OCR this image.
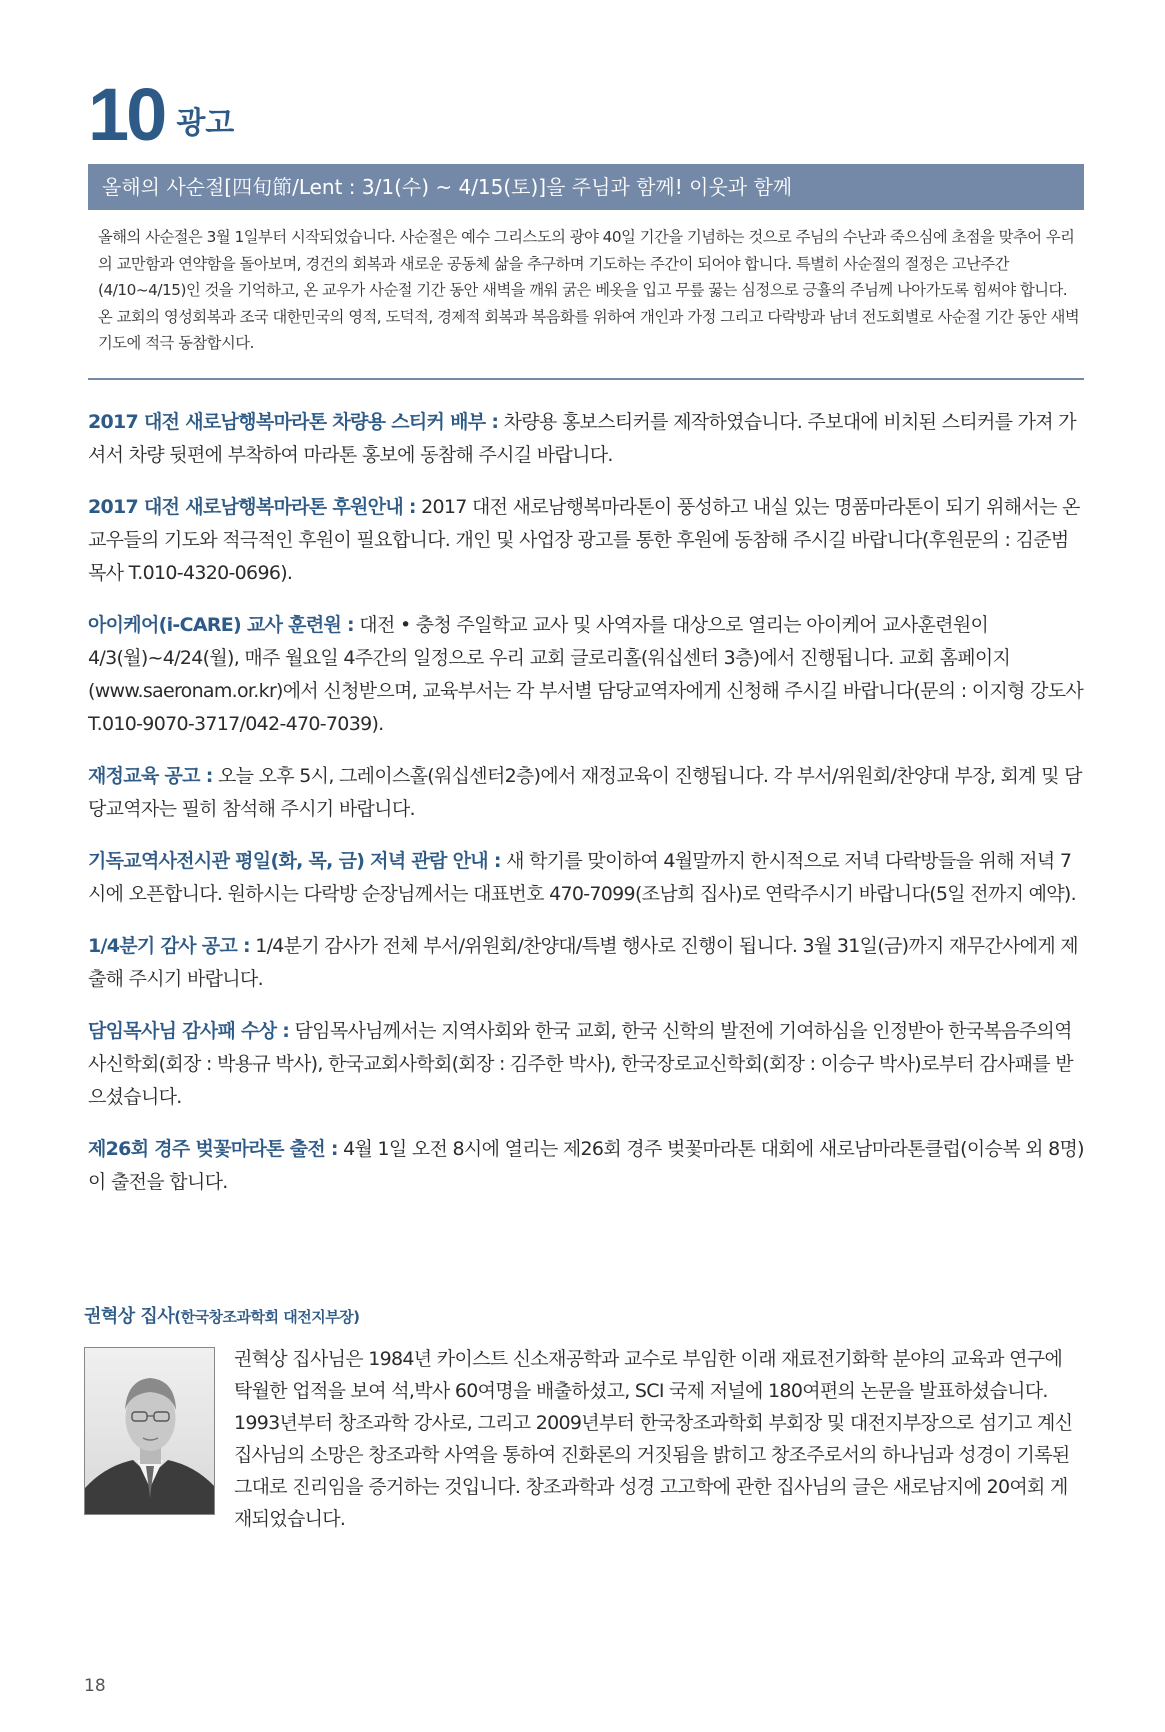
10 광고
올해의 사순절[四旬節/Lent : 3/1(수) ~ 4/15(토)]을 주님과 함께! 이웃과 함께
올해의 사순절은 3월 1일부터 시작되었습니다. 사순절은 예수 그리스도의 광야 40일 기간을 기념하는 것으로 주님의 수난과 죽으심에 초점을 맞추어 우리의 교만함과 연약함을 돌아보며, 경건의 회복과 새로운 공동체 삶을 추구하며 기도하는 주간이 되어야 합니다. 특별히 사순절의 절정은 고난주간(4/10~4/15)인 것을 기억하고, 온 교우가 사순절 기간 동안 새벽을 깨워 굵은 베옷을 입고 무릎 꿇는 심정으로 긍휼의 주님께 나아가도록 힘써야 합니다. 온 교회의 영성회복과 조국 대한민국의 영적, 도덕적, 경제적 회복과 복음화를 위하여 개인과 가정 그리고 다락방과 남녀 전도회별로 사순절 기간 동안 새벽기도에 적극 동참합시다.

2017 대전 새로남행복마라톤 차량용 스티커 배부 : 차량용 홍보스티커를 제작하였습니다. 주보대에 비치된 스티커를 가져 가셔서 차량 뒷편에 부착하여 마라톤 홍보에 동참해 주시길 바랍니다.

2017 대전 새로남행복마라톤 후원안내 : 2017 대전 새로남행복마라톤이 풍성하고 내실 있는 명품마라톤이 되기 위해서는 온 교우들의 기도와 적극적인 후원이 필요합니다. 개인 및 사업장 광고를 통한 후원에 동참해 주시길 바랍니다(후원문의 : 김준범 목사 T.010-4320-0696).

아이케어(i-CARE) 교사 훈련원 : 대전 • 충청 주일학교 교사 및 사역자를 대상으로 열리는 아이케어 교사훈련원이 4/3(월)~4/24(월), 매주 월요일 4주간의 일정으로 우리 교회 글로리홀(워십센터 3층)에서 진행됩니다. 교회 홈페이지(www.saeronam.or.kr)에서 신청받으며, 교육부서는 각 부서별 담당교역자에게 신청해 주시길 바랍니다(문의 : 이지형 강도사 T.010-9070-3717/042-470-7039).

재정교육 공고 : 오늘 오후 5시, 그레이스홀(워십센터2층)에서 재정교육이 진행됩니다. 각 부서/위원회/찬양대 부장, 회계 및 담당교역자는 필히 참석해 주시기 바랍니다.

기독교역사전시관 평일(화, 목, 금) 저녁 관람 안내 : 새 학기를 맞이하여 4월말까지 한시적으로 저녁 다락방들을 위해 저녁 7시에 오픈합니다. 원하시는 다락방 순장님께서는 대표번호 470-7099(조남희 집사)로 연락주시기 바랍니다(5일 전까지 예약).

1/4분기 감사 공고 : 1/4분기 감사가 전체 부서/위원회/찬양대/특별 행사로 진행이 됩니다. 3월 31일(금)까지 재무간사에게 제출해 주시기 바랍니다.

담임목사님 감사패 수상 : 담임목사님께서는 지역사회와 한국 교회, 한국 신학의 발전에 기여하심을 인정받아 한국복음주의역사신학회(회장 : 박용규 박사), 한국교회사학회(회장 : 김주한 박사), 한국장로교신학회(회장 : 이승구 박사)로부터 감사패를 받으셨습니다.

제26회 경주 벚꽃마라톤 출전 : 4월 1일 오전 8시에 열리는 제26회 경주 벚꽃마라톤 대회에 새로남마라톤클럽(이승복 외 8명)이 출전을 합니다.

권혁상 집사(한국창조과학회 대전지부장)
권혁상 집사님은 1984년 카이스트 신소재공학과 교수로 부임한 이래 재료전기화학 분야의 교육과 연구에 탁월한 업적을 보여 석,박사 60여명을 배출하셨고, SCI 국제 저널에 180여편의 논문을 발표하셨습니다. 1993년부터 창조과학 강사로, 그리고 2009년부터 한국창조과학회 부회장 및 대전지부장으로 섬기고 계신 집사님의 소망은 창조과학 사역을 통하여 진화론의 거짓됨을 밝히고 창조주로서의 하나님과 성경이 기록된 그대로 진리임을 증거하는 것입니다. 창조과학과 성경 고고학에 관한 집사님의 글은 새로남지에 20여회 게재되었습니다.
18
